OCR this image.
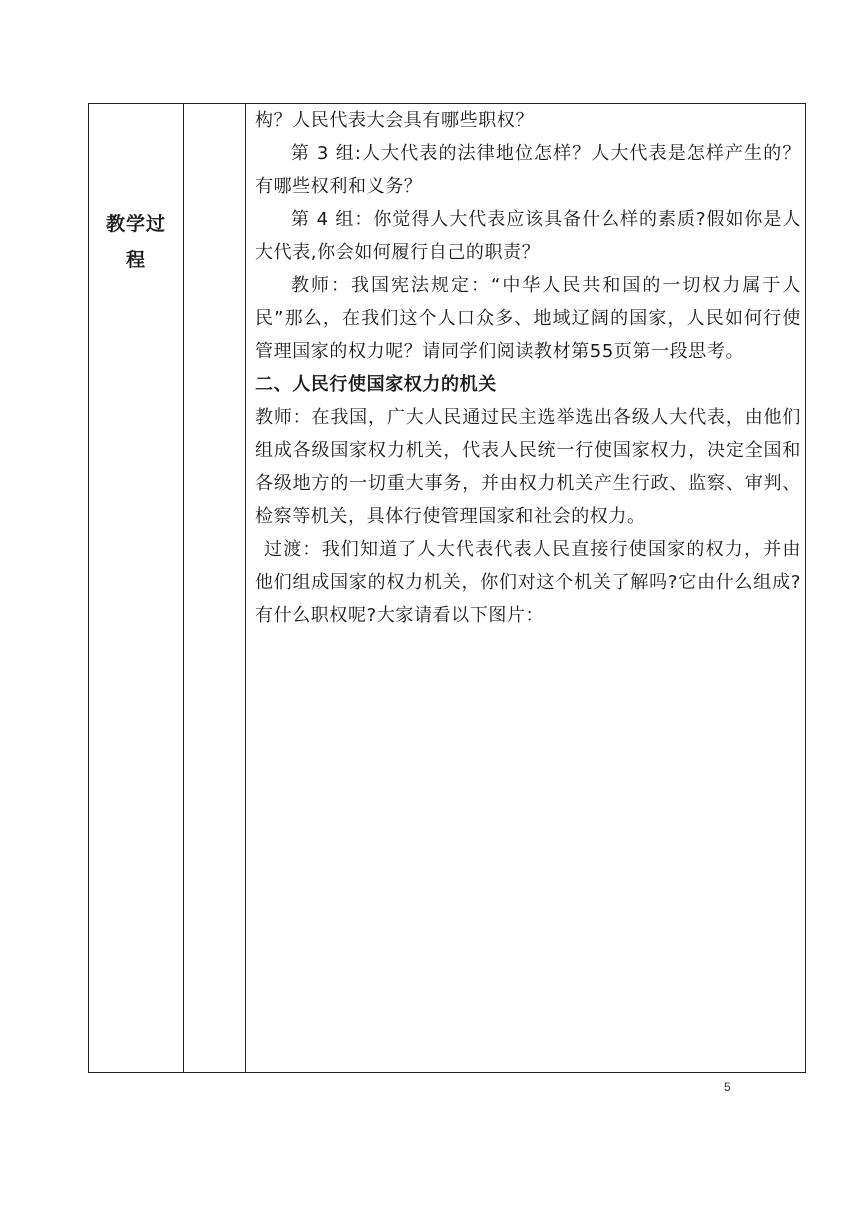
教学过
程

构？人民代表大会具有哪些职权？

第 3 组:人大代表的法律地位怎样？人大代表是怎样产生的？有哪些权利和义务？

第 4 组：你觉得人大代表应该具备什么样的素质?假如你是人大代表,你会如何履行自己的职责？

教师：我国宪法规定：“中华人民共和国的一切权力属于人民”那么，在我们这个人口众多、地域辽阔的国家，人民如何行使管理国家的权力呢？请同学们阅读教材第55页第一段思考。

二、人民行使国家权力的机关

教师：在我国，广大人民通过民主选举选出各级人大代表，由他们组成各级国家权力机关，代表人民统一行使国家权力，决定全国和各级地方的一切重大事务，并由权力机关产生行政、监察、审判、检察等机关，具体行使管理国家和社会的权力。

过渡：我们知道了人大代表代表人民直接行使国家的权力，并由他们组成国家的权力机关，你们对这个机关了解吗?它由什么组成?有什么职权呢?大家请看以下图片：

5
